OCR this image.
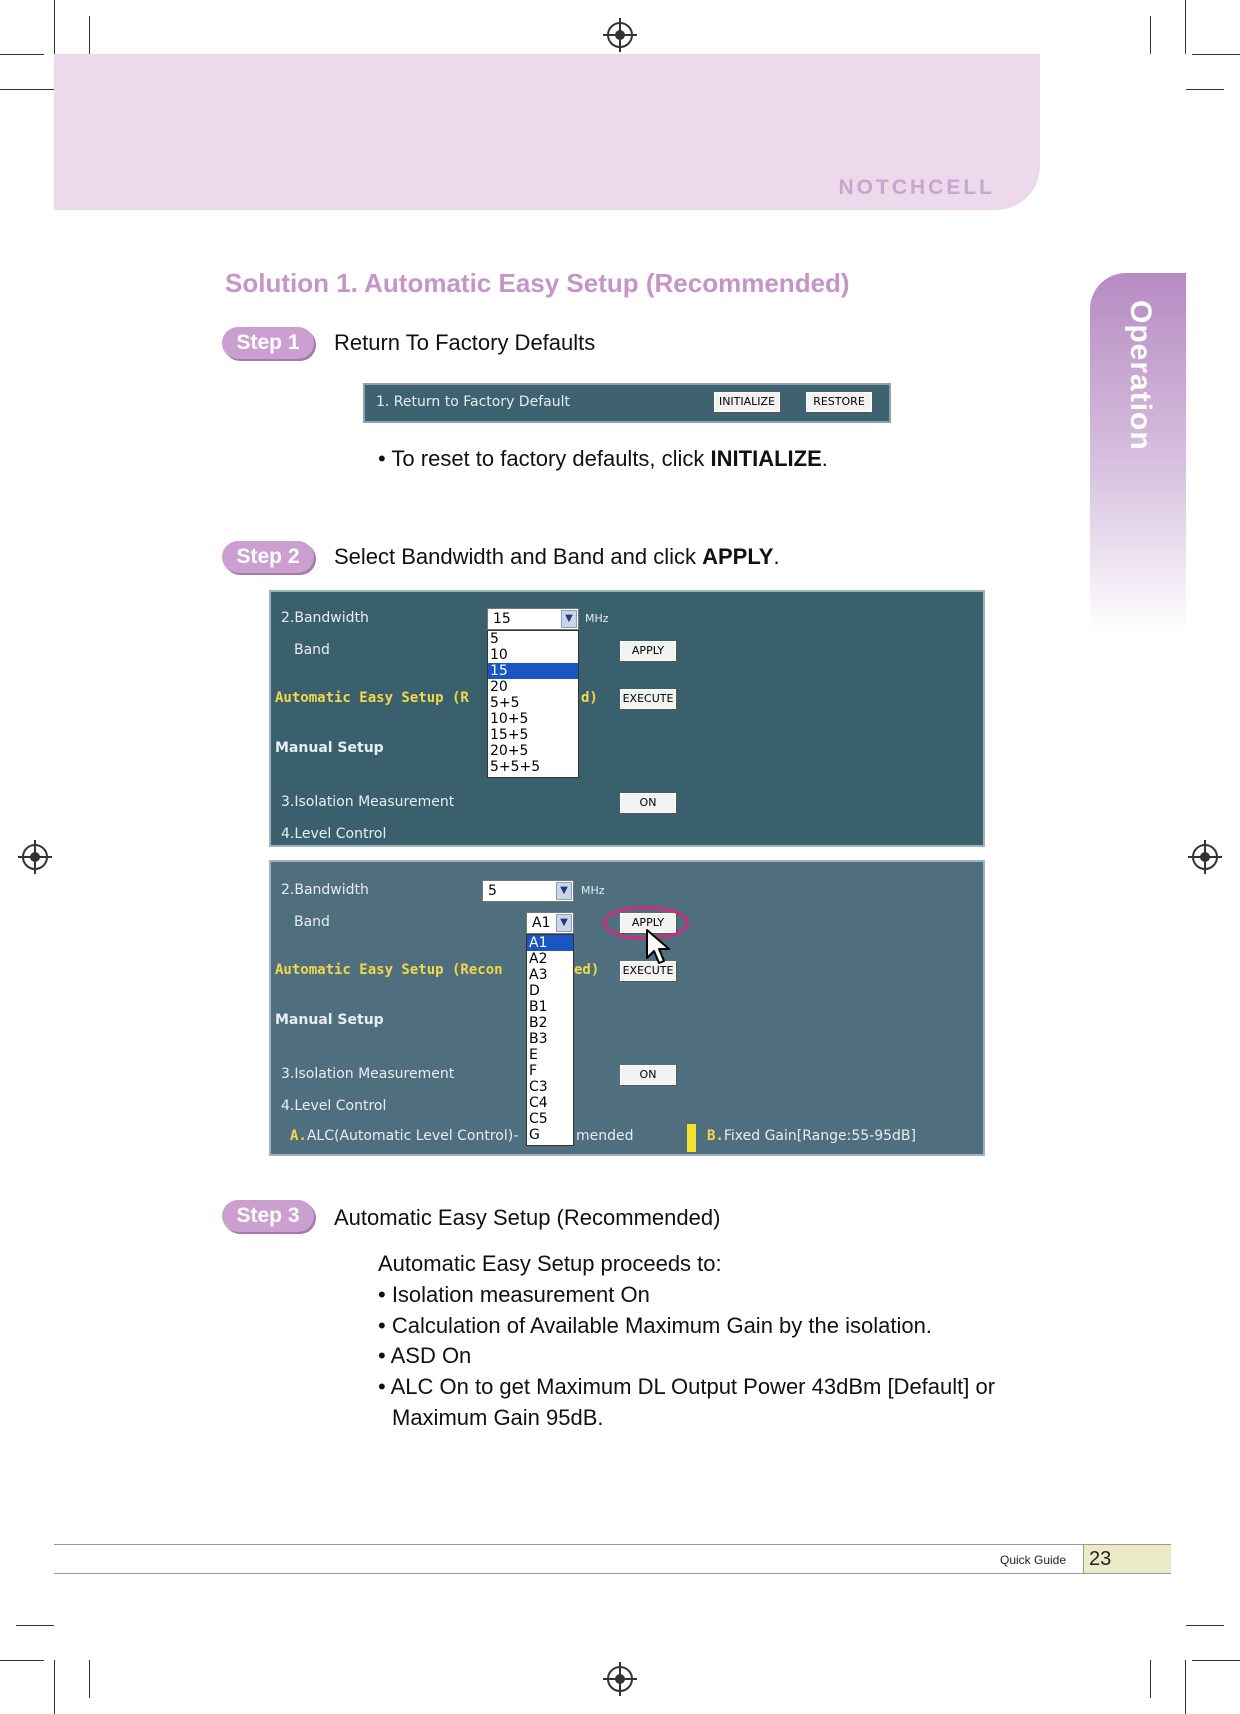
NOTCHCELL
Operation
Solution 1. Automatic Easy Setup (Recommended)
Step 1	Return To Factory Defaults
1. Return to Factory Default	INITIALIZE	RESTORE
• To reset to factory defaults, click INITIALIZE.
Step 2	Select Bandwidth and Band and click APPLY.
2.Bandwidth	15	▼	MHz
Band	APPLY
Automatic Easy Setup (R	d) EXECUTE
Manual Setup
3.Isolation Measurement	ON
4.Level Control
5
10
15
20
5+5
10+5
15+5
20+5
5+5+5
2.Bandwidth	5	▼	MHz
Band	A1 ▼	APPLY
Automatic Easy Setup (Recon	ed) EXECUTE
Manual Setup
3.Isolation Measurement	ON
4.Level Control
A.ALC(Automatic Level Control)-	mended	B.Fixed Gain[Range:55-95dB]
A1
A2
A3
D
B1
B2
B3
E
F
C3
C4
C5
G
Step 3	Automatic Easy Setup (Recommended)
Automatic Easy Setup proceeds to:
• Isolation measurement On
• Calculation of Available Maximum Gain by the isolation.
• ASD On
• ALC On to get Maximum DL Output Power 43dBm [Default] or
Maximum Gain 95dB.
Quick Guide	23
